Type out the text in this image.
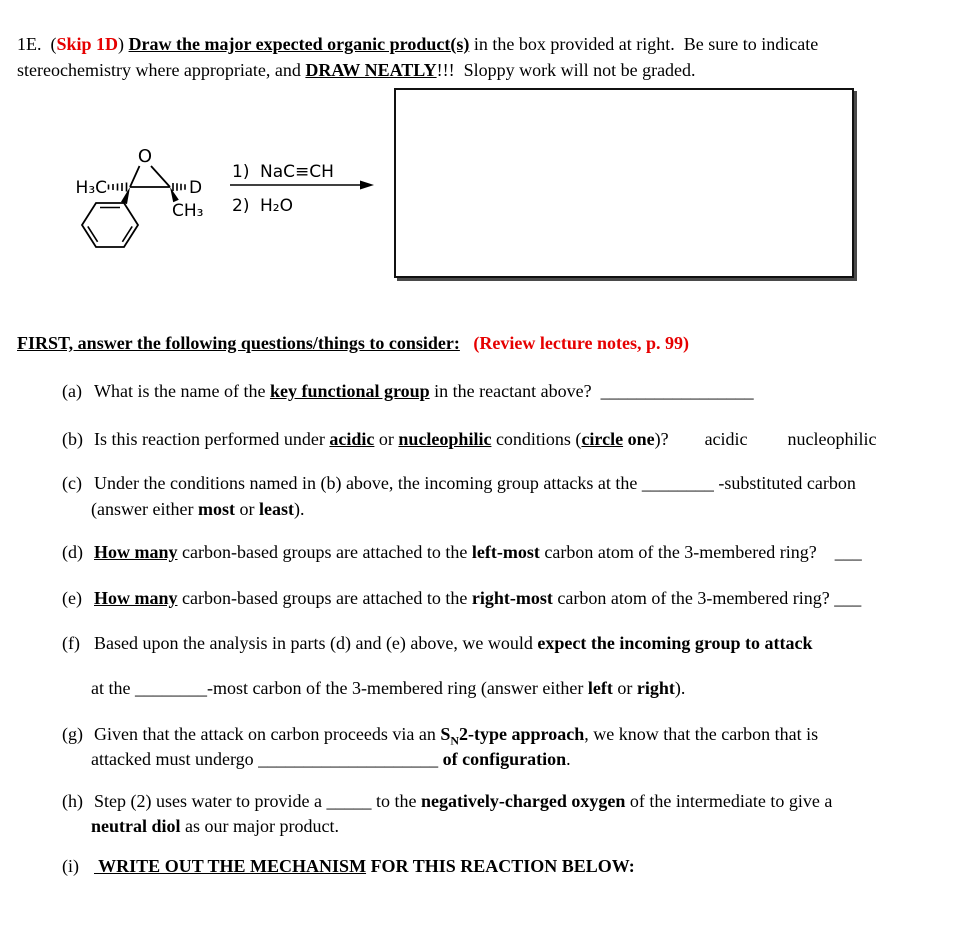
1E.  (Skip 1D) Draw the major expected organic product(s) in the box provided at right.  Be sure to indicate

stereochemistry where appropriate, and DRAW NEATLY!!!  Sloppy work will not be graded.

O
H₃C	D
CH₃
1) NaC≡CH
2) H₂O

FIRST, answer the following questions/things to consider: (Review lecture notes, p. 99)

(a) What is the name of the key functional group in the reactant above?  _________________

(b) Is this reaction performed under acidic or nucleophilic conditions (circle one)? acidic nucleophilic

(c) Under the conditions named in (b) above, the incoming group attacks at the ________ -substituted carbon

(answer either most or least).

(d) How many carbon-based groups are attached to the left-most carbon atom of the 3-membered ring?    ___

(e) How many carbon-based groups are attached to the right-most carbon atom of the 3-membered ring? ___

(f) Based upon the analysis in parts (d) and (e) above, we would expect the incoming group to attack

at the ________-most carbon of the 3-membered ring (answer either left or right).

(g) Given that the attack on carbon proceeds via an $S_N2$-type approach, we know that the carbon that is

attacked must undergo ____________________ of configuration.

(h) Step (2) uses water to provide a _____ to the negatively-charged oxygen of the intermediate to give a

neutral diol as our major product.

(i) WRITE OUT THE MECHANISM FOR THIS REACTION BELOW:
